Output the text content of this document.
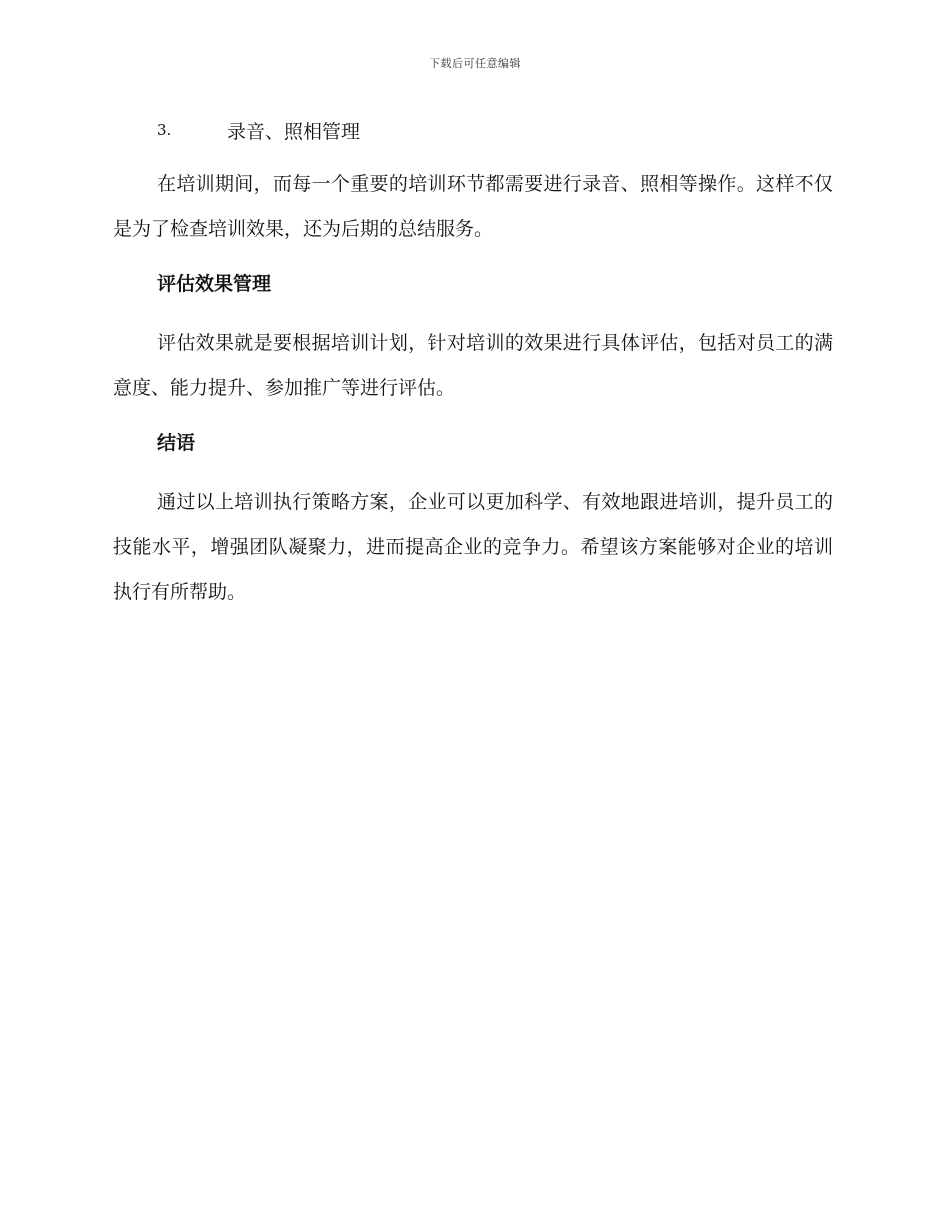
下载后可任意编辑
3.	录音、照相管理

在培训期间，而每一个重要的培训环节都需要进行录音、照相等操作。这样不仅是为了检查培训效果，还为后期的总结服务。

评估效果管理

评估效果就是要根据培训计划，针对培训的效果进行具体评估，包括对员工的满意度、能力提升、参加推广等进行评估。

结语

通过以上培训执行策略方案，企业可以更加科学、有效地跟进培训，提升员工的技能水平，增强团队凝聚力，进而提高企业的竞争力。希望该方案能够对企业的培训执行有所帮助。
